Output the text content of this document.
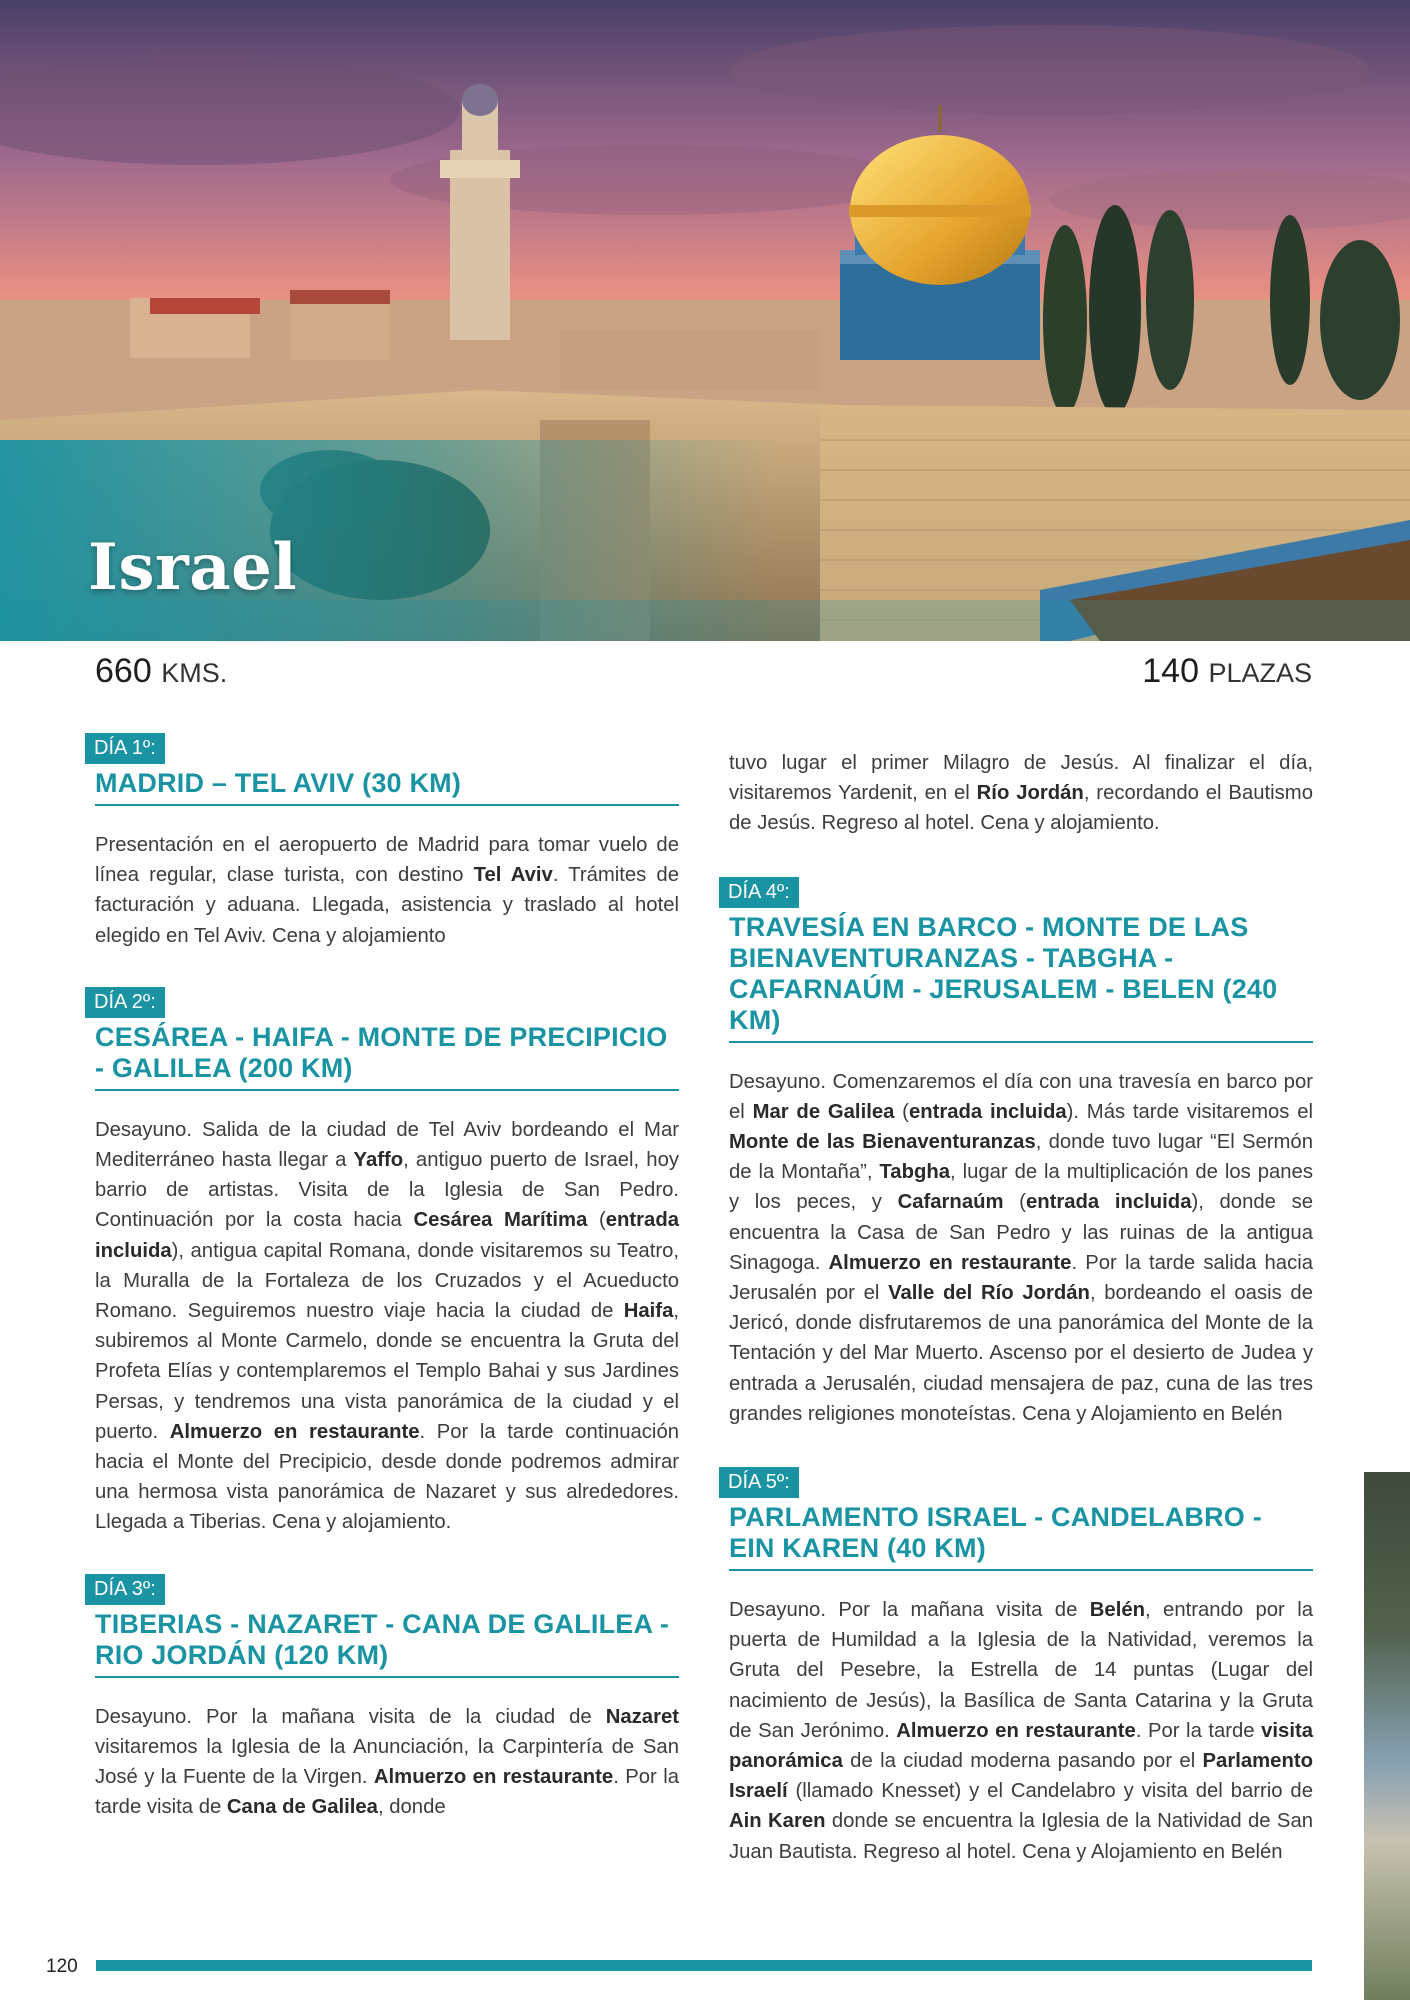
Israel
660 KMS.	140 PLAZAS
DÍA 1º:
MADRID – TEL AVIV (30 KM)

Presentación en el aeropuerto de Madrid para tomar vuelo de línea regular, clase turista, con destino Tel Aviv. Trámites de facturación y aduana. Llegada, asistencia y traslado al hotel elegido en Tel Aviv. Cena y alojamiento

DÍA 2º:
CESÁREA - HAIFA - MONTE DE PRECIPICIO - GALILEA (200 KM)

Desayuno. Salida de la ciudad de Tel Aviv bordeando el Mar Mediterráneo hasta llegar a Yaffo, antiguo puerto de Israel, hoy barrio de artistas. Visita de la Iglesia de San Pedro. Continuación por la costa hacia Cesárea Marítima (entrada incluida), antigua capital Romana, donde visitaremos su Teatro, la Muralla de la Fortaleza de los Cruzados y el Acueducto Romano. Seguiremos nuestro viaje hacia la ciudad de Haifa, subiremos al Monte Carmelo, donde se encuentra la Gruta del Profeta Elías y contemplaremos el Templo Bahai y sus Jardines Persas, y tendremos una vista panorámica de la ciudad y el puerto. Almuerzo en restaurante. Por la tarde continuación hacia el Monte del Precipicio, desde donde podremos admirar una hermosa vista panorámica de Nazaret y sus alrededores. Llegada a Tiberias. Cena y alojamiento.

DÍA 3º:
TIBERIAS - NAZARET - CANA DE GALILEA - RIO JORDÁN (120 KM)

Desayuno. Por la mañana visita de la ciudad de Nazaret visitaremos la Iglesia de la Anunciación, la Carpintería de San José y la Fuente de la Virgen. Almuerzo en restaurante. Por la tarde visita de Cana de Galilea, donde

tuvo lugar el primer Milagro de Jesús. Al finalizar el día, visitaremos Yardenit, en el Río Jordán, recordando el Bautismo de Jesús. Regreso al hotel. Cena y alojamiento.

DÍA 4º:
TRAVESÍA EN BARCO - MONTE DE LAS BIENAVENTURANZAS - TABGHA - CAFARNAÚM - JERUSALEM - BELEN (240 KM)

Desayuno. Comenzaremos el día con una travesía en barco por el Mar de Galilea (entrada incluida). Más tarde visitaremos el Monte de las Bienaventuranzas, donde tuvo lugar “El Sermón de la Montaña”, Tabgha, lugar de la multiplicación de los panes y los peces, y Cafarnaúm (entrada incluida), donde se encuentra la Casa de San Pedro y las ruinas de la antigua Sinagoga. Almuerzo en restaurante. Por la tarde salida hacia Jerusalén por el Valle del Río Jordán, bordeando el oasis de Jericó, donde disfrutaremos de una panorámica del Monte de la Tentación y del Mar Muerto. Ascenso por el desierto de Judea y entrada a Jerusalén, ciudad mensajera de paz, cuna de las tres grandes religiones monoteístas. Cena y Alojamiento en Belén

DÍA 5º:
PARLAMENTO ISRAEL - CANDELABRO - EIN KAREN (40 KM)

Desayuno. Por la mañana visita de Belén, entrando por la puerta de Humildad a la Iglesia de la Natividad, veremos la Gruta del Pesebre, la Estrella de 14 puntas (Lugar del nacimiento de Jesús), la Basílica de Santa Catarina y la Gruta de San Jerónimo. Almuerzo en restaurante. Por la tarde visita panorámica de la ciudad moderna pasando por el Parlamento Israelí (llamado Knesset) y el Candelabro y visita del barrio de Ain Karen donde se encuentra la Iglesia de la Natividad de San Juan Bautista. Regreso al hotel. Cena y Alojamiento en Belén

120
